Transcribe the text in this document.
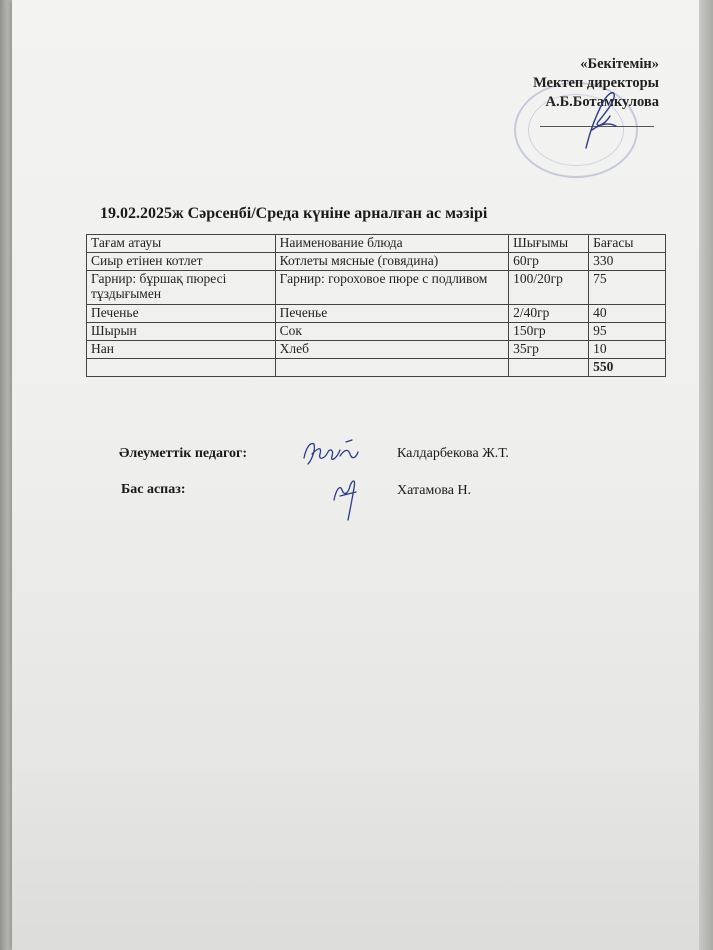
«Бекітемін»
Мектеп директоры
А.Б.Ботамкулова
19.02.2025ж Сәрсенбі/Среда күніне арналған ас мәзірі
Тағам атауы	Наименование блюда	Шығымы	Бағасы
Сиыр етінен котлет	Котлеты мясные (говядина)	60гр	330
Гарнир: бұршақ пюресі тұздығымен	Гарнир: гороховое пюре с подливом	100/20гр	75
Печенье	Печенье	2/40гр	40
Шырын	Сок	150гр	95
Нан	Хлеб	35гр	10
			550
Әлеуметтік педагог:	Калдарбекова Ж.Т.
Бас аспаз:	Хатамова Н.
